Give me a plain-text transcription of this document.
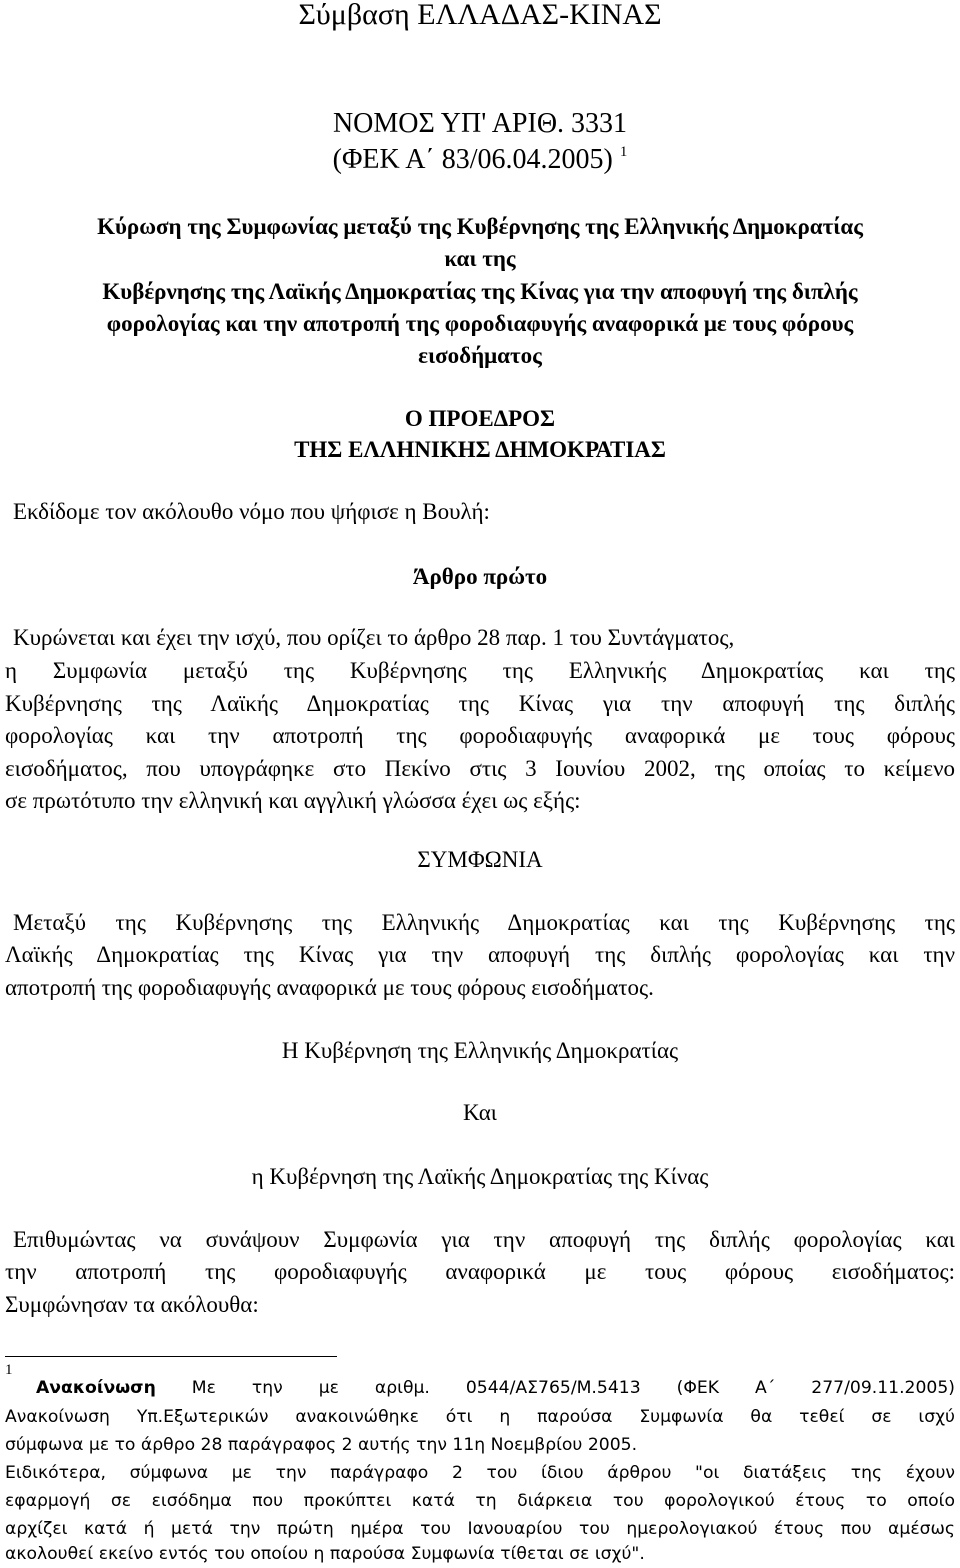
Σύμβαση ΕΛΛΑΔΑΣ-ΚΙΝΑΣ
ΝΟΜΟΣ ΥΠ' ΑΡΙΘ. 3331
(ΦΕΚ Α΄ 83/06.04.2005) $^1$
Κύρωση της Συμφωνίας μεταξύ της Κυβέρνησης της Ελληνικής Δημοκρατίας
και της
Κυβέρνησης της Λαϊκής Δημοκρατίας της Κίνας για την αποφυγή της διπλής
φορολογίας και την αποτροπή της φοροδιαφυγής αναφορικά με τους φόρους
εισοδήματος
Ο ΠΡΟΕΔΡΟΣ
ΤΗΣ ΕΛΛΗΝΙΚΗΣ ΔΗΜΟΚΡΑΤΙΑΣ
Εκδίδομε τον ακόλουθο νόμο που ψήφισε η Βουλή:
Άρθρο πρώτο
Κυρώνεται και έχει την ισχύ, που ορίζει το άρθρο 28 παρ. 1 του Συντάγματος,
η Συμφωνία μεταξύ της Κυβέρνησης της Ελληνικής Δημοκρατίας και της
Κυβέρνησης της Λαϊκής Δημοκρατίας της Κίνας για την αποφυγή της διπλής
φορολογίας και την αποτροπή της φοροδιαφυγής αναφορικά με τους φόρους
εισοδήματος, που υπογράφηκε στο Πεκίνο στις 3 Ιουνίου 2002, της οποίας το κείμενο
σε πρωτότυπο την ελληνική και αγγλική γλώσσα έχει ως εξής:
ΣΥΜΦΩΝΙΑ
Μεταξύ της Κυβέρνησης της Ελληνικής Δημοκρατίας και της Κυβέρνησης της
Λαϊκής Δημοκρατίας της Κίνας για την αποφυγή της διπλής φορολογίας και την
αποτροπή της φοροδιαφυγής αναφορικά με τους φόρους εισοδήματος.
Η Κυβέρνηση της Ελληνικής Δημοκρατίας
Και
η Κυβέρνηση της Λαϊκής Δημοκρατίας της Κίνας
Επιθυμώντας να συνάψουν Συμφωνία για την αποφυγή της διπλής φορολογίας και
την αποτροπή της φοροδιαφυγής αναφορικά με τους φόρους εισοδήματος:
Συμφώνησαν τα ακόλουθα:
1
Ανακοίνωση Με την με αριθμ. 0544/ΑΣ765/Μ.5413 (ΦΕΚ Α΄ 277/09.11.2005)
Ανακοίνωση Υπ.Εξωτερικών ανακοινώθηκε ότι η παρούσα Συμφωνία θα τεθεί σε ισχύ
σύμφωνα με το άρθρο 28 παράγραφος 2 αυτής την 11η Νοεμβρίου 2005.
Ειδικότερα, σύμφωνα με την παράγραφο 2 του ίδιου άρθρου "οι διατάξεις της έχουν
εφαρμογή σε εισόδημα που προκύπτει κατά τη διάρκεια του φορολογικού έτους το οποίο
αρχίζει κατά ή μετά την πρώτη ημέρα του Ιανουαρίου του ημερολογιακού έτους που αμέσως
ακολουθεί εκείνο εντός του οποίου η παρούσα Συμφωνία τίθεται σε ισχύ".
